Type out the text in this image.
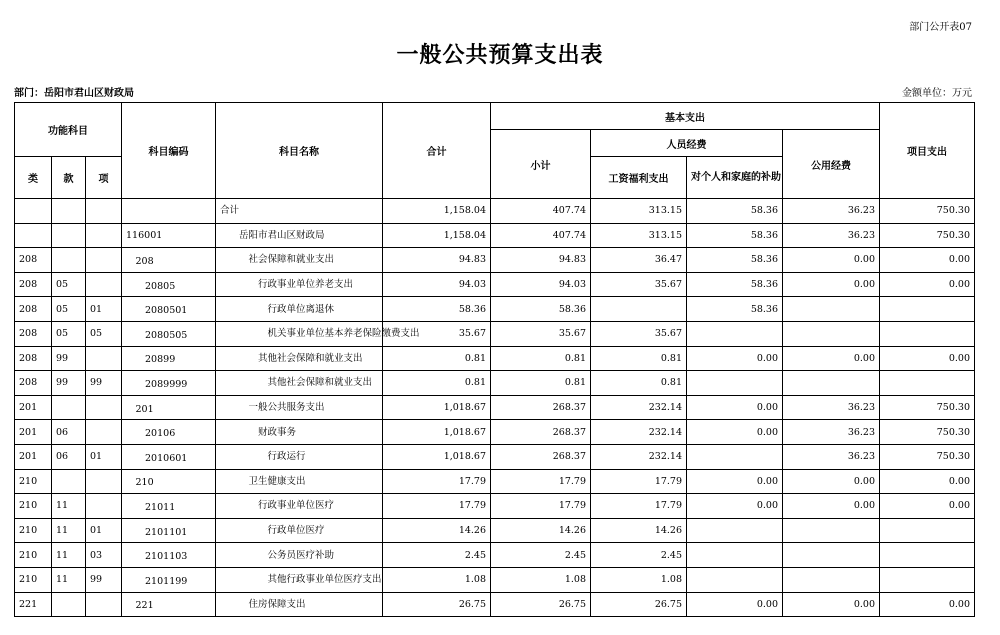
部门公开表07
一般公共预算支出表
部门：岳阳市君山区财政局	金额单位：万元
功能科目			科目编码	科目名称	合计	基本支出				项目支出
						小计	人员经费		公用经费	
类	款	项					工资福利支出	对个人和家庭的补助		
				合计	1,158.04	407.74	313.15	58.36	36.23	750.30
			116001	　　岳阳市君山区财政局	1,158.04	407.74	313.15	58.36	36.23	750.30
208			　208	　　　社会保障和就业支出	94.83	94.83	36.47	58.36	0.00	0.00
208	05		　　20805	　　　　行政事业单位养老支出	94.03	94.03	35.67	58.36	0.00	0.00
208	05	01	　　2080501	　　　　　行政单位离退休	58.36	58.36		58.36		
208	05	05	　　2080505	　　　　　机关事业单位基本养老保险缴费支出	35.67	35.67	35.67			
208	99		　　20899	　　　　其他社会保障和就业支出	0.81	0.81	0.81	0.00	0.00	0.00
208	99	99	　　2089999	　　　　　其他社会保障和就业支出	0.81	0.81	0.81			
201			　201	　　　一般公共服务支出	1,018.67	268.37	232.14	0.00	36.23	750.30
201	06		　　20106	　　　　财政事务	1,018.67	268.37	232.14	0.00	36.23	750.30
201	06	01	　　2010601	　　　　　行政运行	1,018.67	268.37	232.14		36.23	750.30
210			　210	　　　卫生健康支出	17.79	17.79	17.79	0.00	0.00	0.00
210	11		　　21011	　　　　行政事业单位医疗	17.79	17.79	17.79	0.00	0.00	0.00
210	11	01	　　2101101	　　　　　行政单位医疗	14.26	14.26	14.26			
210	11	03	　　2101103	　　　　　公务员医疗补助	2.45	2.45	2.45			
210	11	99	　　2101199	　　　　　其他行政事业单位医疗支出	1.08	1.08	1.08			
221			　221	　　　住房保障支出	26.75	26.75	26.75	0.00	0.00	0.00
